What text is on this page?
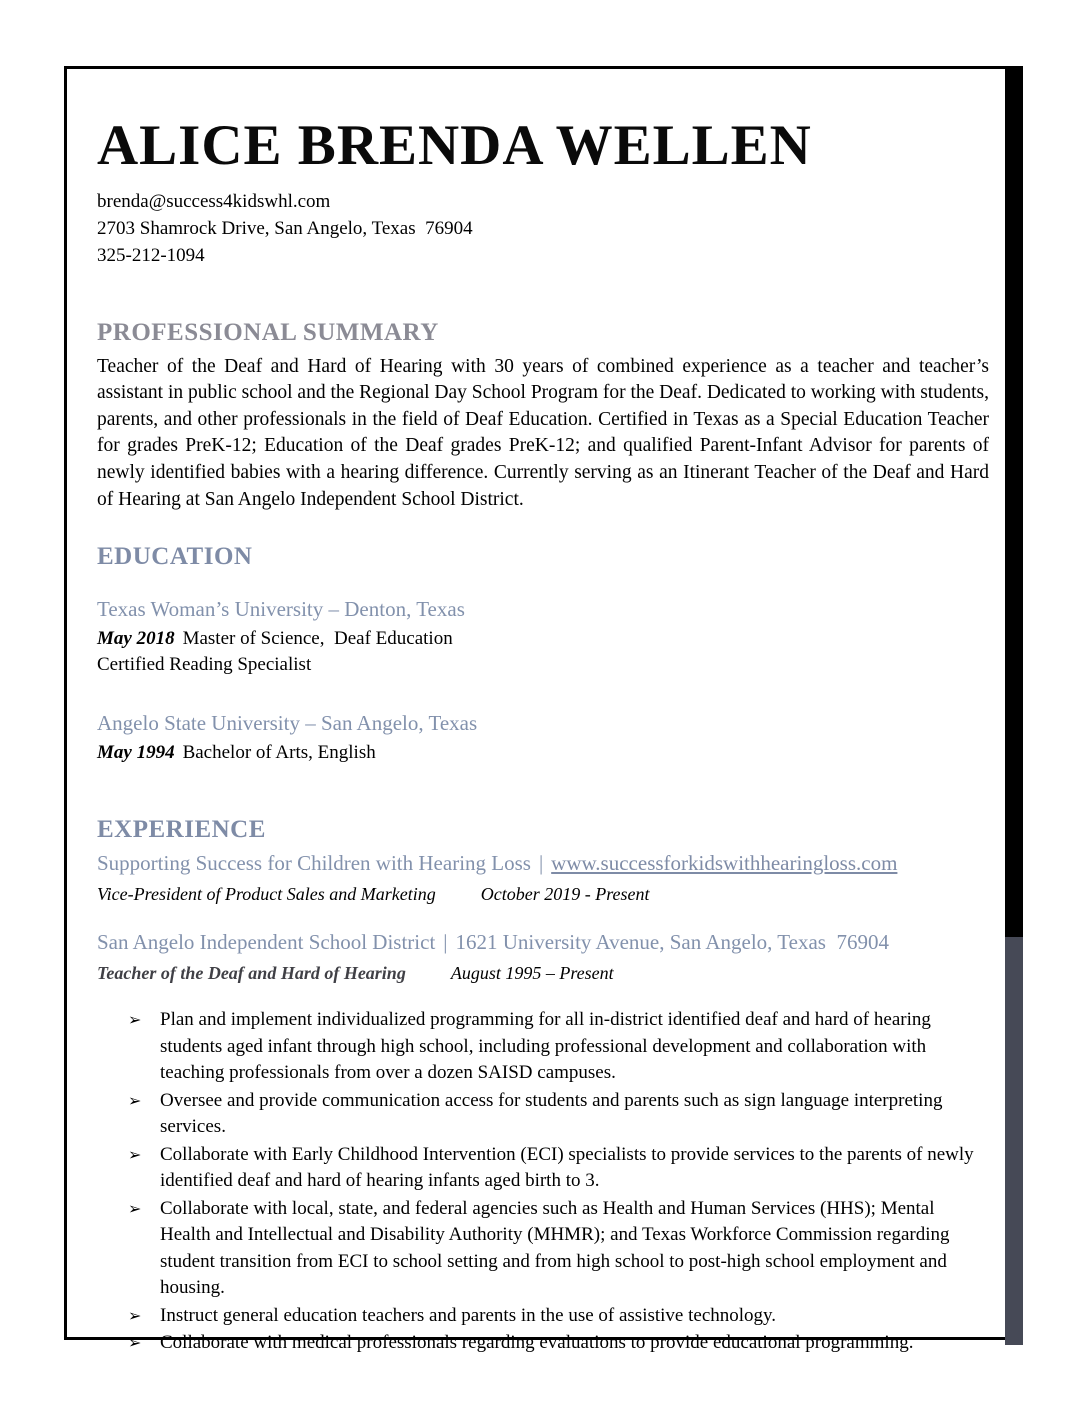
ALICE BRENDA WELLEN
brenda@success4kidswhl.com
2703 Shamrock Drive, San Angelo, Texas  76904
325-212-1094
PROFESSIONAL SUMMARY

Teacher of the Deaf and Hard of Hearing with 30 years of combined experience as a teacher and teacher’s assistant in public school and the Regional Day School Program for the Deaf. Dedicated to working with students, parents, and other professionals in the field of Deaf Education. Certified in Texas as a Special Education Teacher for grades PreK-12; Education of the Deaf grades PreK-12; and qualified Parent-Infant Advisor for parents of newly identified babies with a hearing difference. Currently serving as an Itinerant Teacher of the Deaf and Hard of Hearing at San Angelo Independent School District.

EDUCATION
Texas Woman’s University – Denton, Texas
May 2018 Master of Science,  Deaf Education
Certified Reading Specialist
Angelo State University – San Angelo, Texas
May 1994 Bachelor of Arts, English
EXPERIENCE
Supporting Success for Children with Hearing Loss | www.successforkidswithhearingloss.com
Vice-President of Product Sales and Marketing	October 2019 - Present
San Angelo Independent School District | 1621 University Avenue, San Angelo, Texas  76904
Teacher of the Deaf and Hard of Hearing	August 1995 – Present
➢ Plan and implement individualized programming for all in-district identified deaf and hard of hearing students aged infant through high school, including professional development and collaboration with teaching professionals from over a dozen SAISD campuses.
➢ Oversee and provide communication access for students and parents such as sign language interpreting services.
➢ Collaborate with Early Childhood Intervention (ECI) specialists to provide services to the parents of newly identified deaf and hard of hearing infants aged birth to 3.
➢ Collaborate with local, state, and federal agencies such as Health and Human Services (HHS); Mental Health and Intellectual and Disability Authority (MHMR); and Texas Workforce Commission regarding student transition from ECI to school setting and from high school to post-high school employment and housing.
➢ Instruct general education teachers and parents in the use of assistive technology.
➢ Collaborate with medical professionals regarding evaluations to provide educational programming.
